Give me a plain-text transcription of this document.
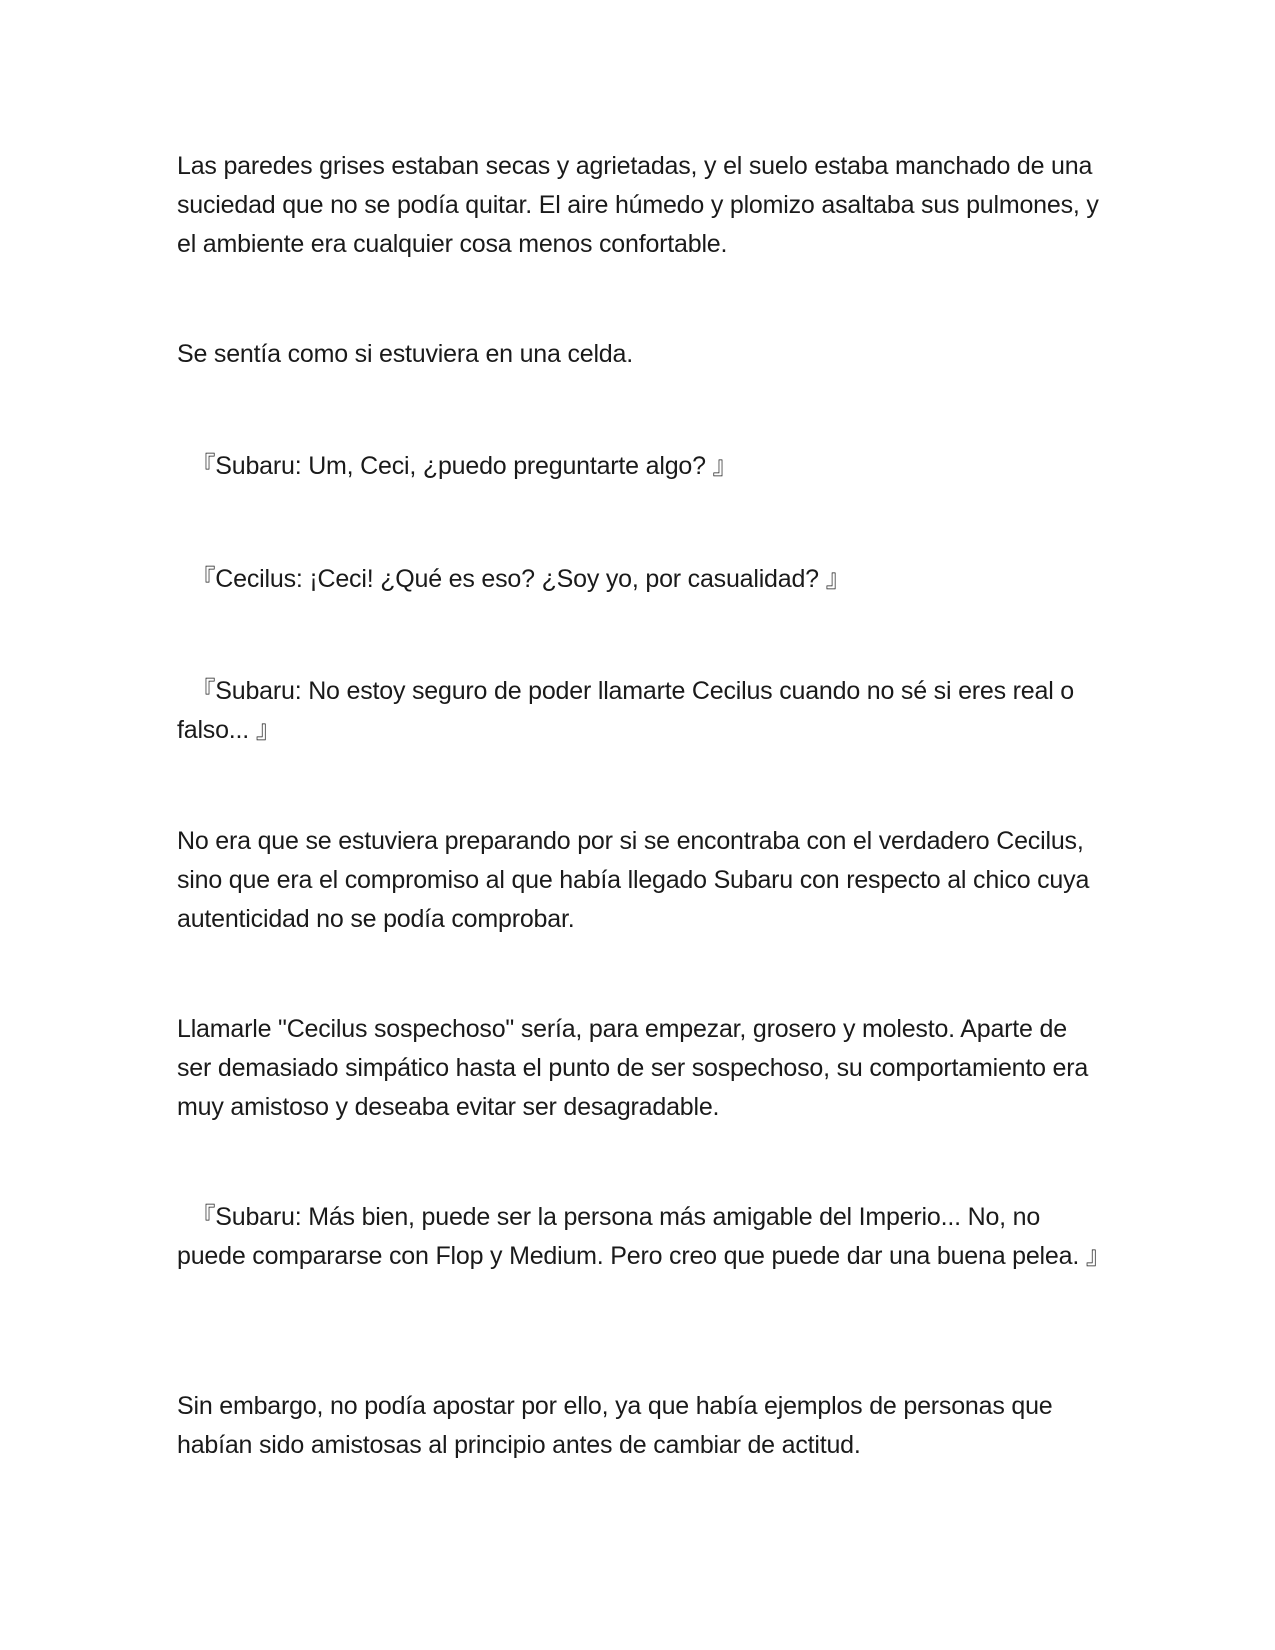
Las paredes grises estaban secas y agrietadas, y el suelo estaba manchado de una suciedad que no se podía quitar. El aire húmedo y plomizo asaltaba sus pulmones, y el ambiente era cualquier cosa menos confortable.

Se sentía como si estuviera en una celda.

『Subaru: Um, Ceci, ¿puedo preguntarte algo? 』

『Cecilus: ¡Ceci! ¿Qué es eso? ¿Soy yo, por casualidad? 』

『Subaru: No estoy seguro de poder llamarte Cecilus cuando no sé si eres real o falso... 』

No era que se estuviera preparando por si se encontraba con el verdadero Cecilus, sino que era el compromiso al que había llegado Subaru con respecto al chico cuya autenticidad no se podía comprobar.

Llamarle "Cecilus sospechoso" sería, para empezar, grosero y molesto. Aparte de ser demasiado simpático hasta el punto de ser sospechoso, su comportamiento era muy amistoso y deseaba evitar ser desagradable.

『Subaru: Más bien, puede ser la persona más amigable del Imperio... No, no puede compararse con Flop y Medium. Pero creo que puede dar una buena pelea. 』

Sin embargo, no podía apostar por ello, ya que había ejemplos de personas que habían sido amistosas al principio antes de cambiar de actitud.
